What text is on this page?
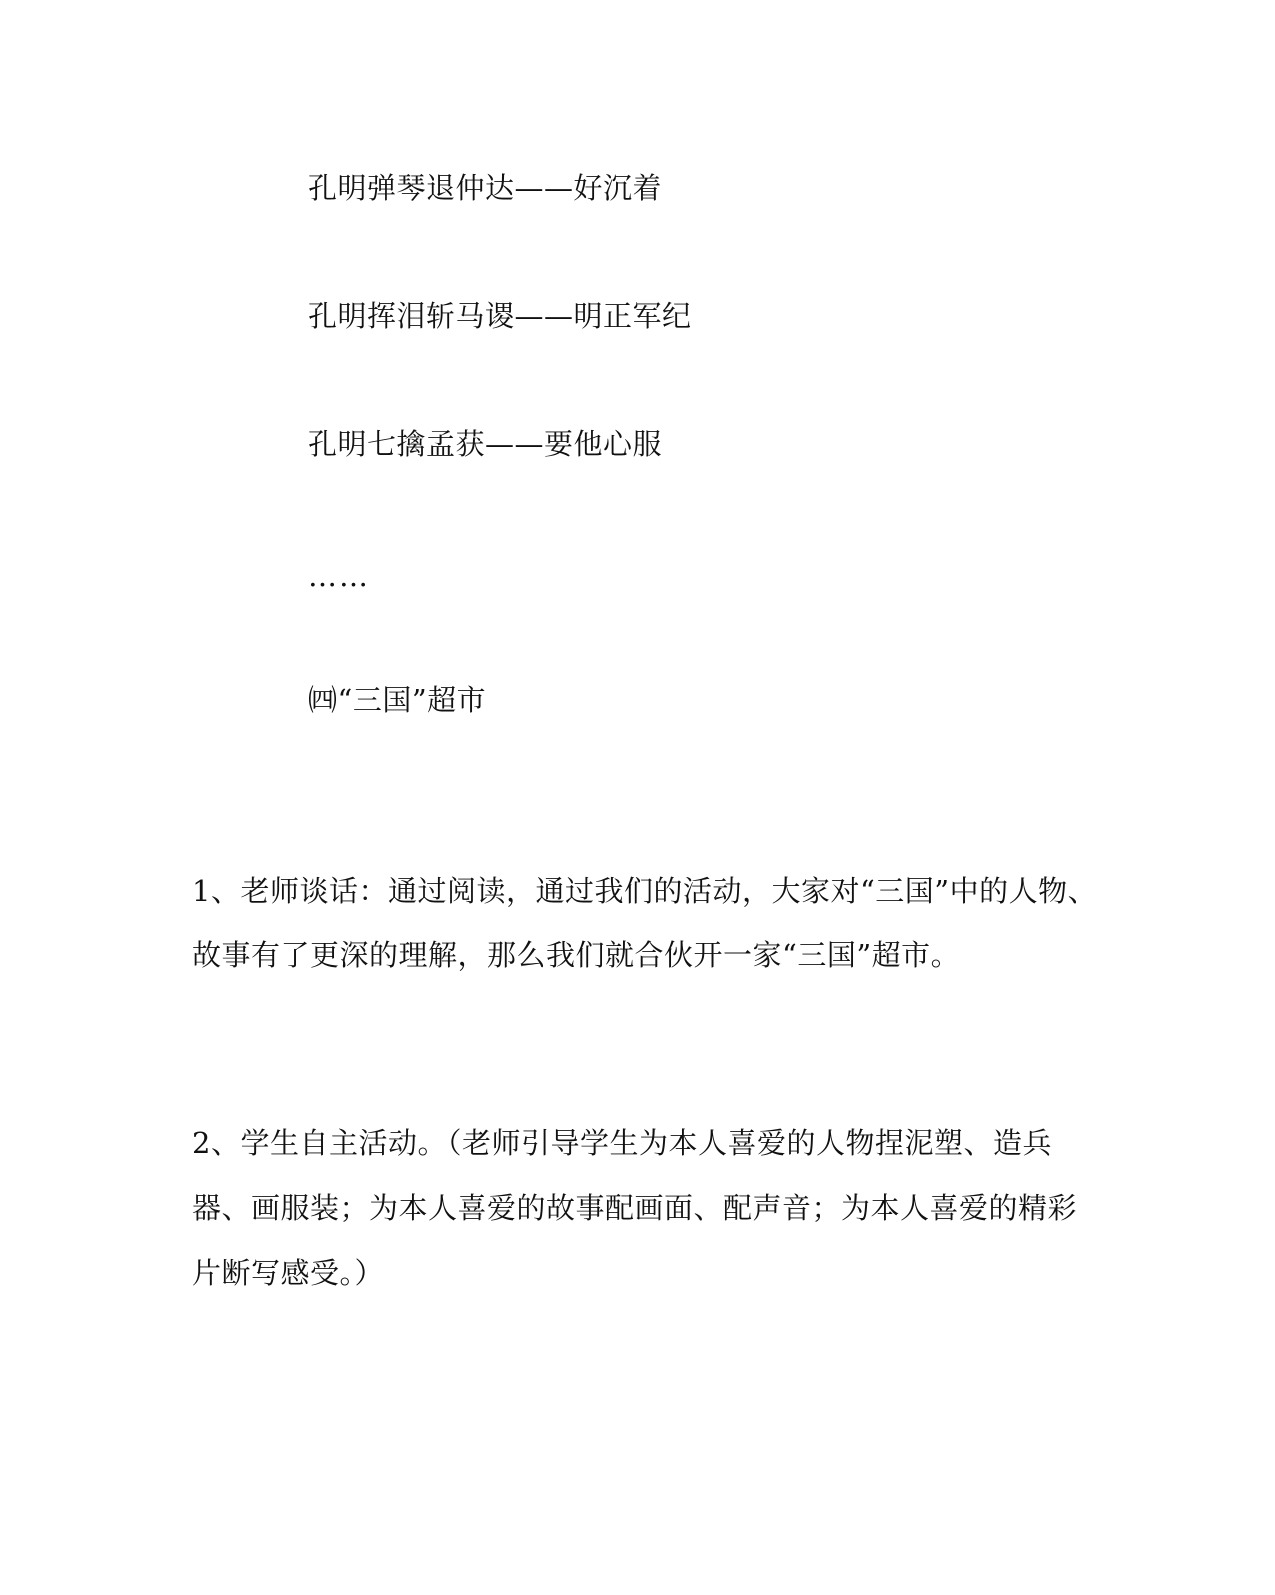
孔明弹琴退仲达——好沉着
孔明挥泪斩马谡——明正军纪
孔明七擒孟获——要他心服
……
㈣“三国”超市
1、老师谈话：通过阅读，通过我们的活动，大家对“三国”中的人物、
故事有了更深的理解，那么我们就合伙开一家“三国”超市。
2、学生自主活动。（老师引导学生为本人喜爱的人物捏泥塑、造兵
器、画服装；为本人喜爱的故事配画面、配声音；为本人喜爱的精彩
片断写感受。）
